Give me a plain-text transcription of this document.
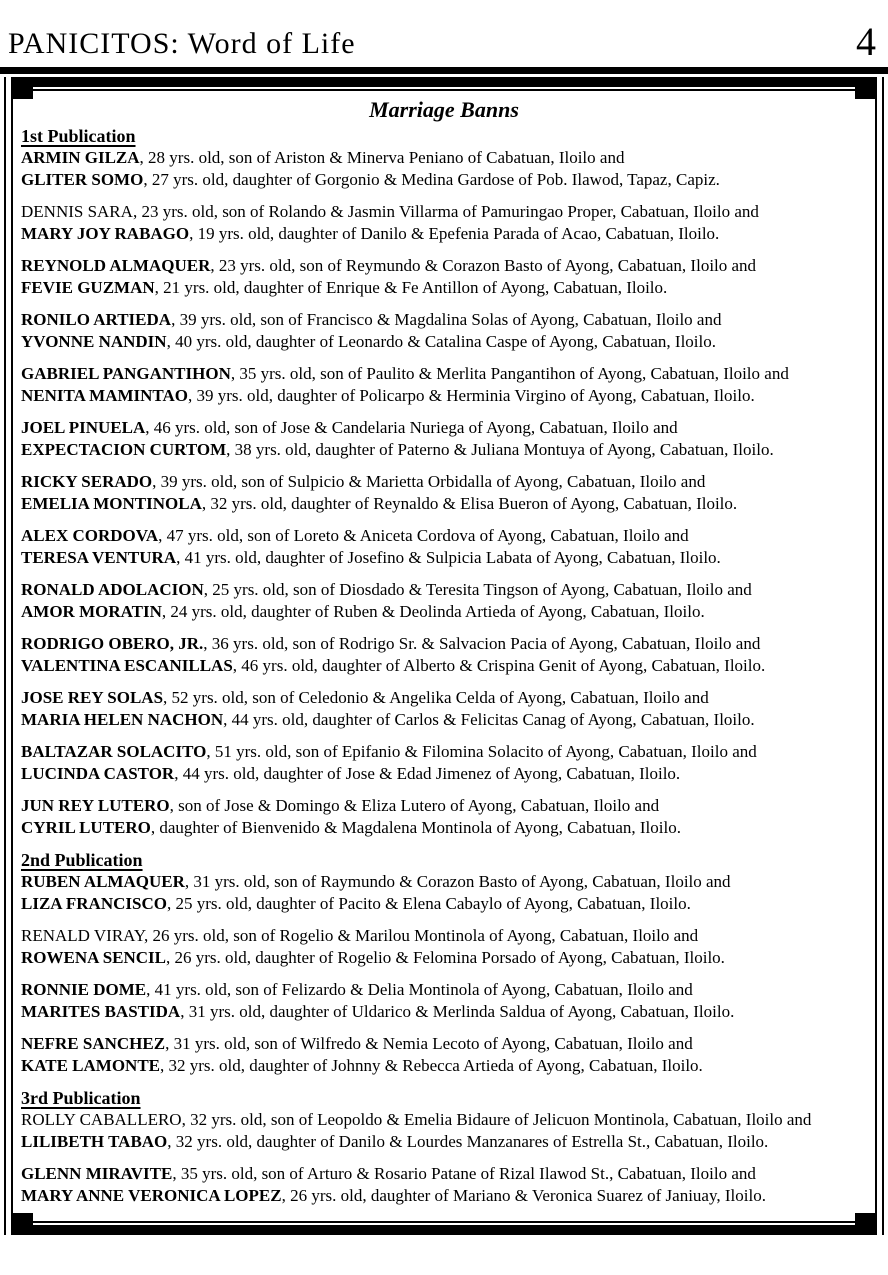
PANICITOS: Word of Life	4
Marriage Banns
1st Publication

ARMIN GILZA, 28 yrs. old, son of Ariston & Minerva Peniano of Cabatuan, Iloilo and
GLITER SOMO, 27 yrs. old, daughter of Gorgonio & Medina Gardose of Pob. Ilawod, Tapaz, Capiz.

DENNIS SARA, 23 yrs. old, son of Rolando & Jasmin Villarma of Pamuringao Proper, Cabatuan, Iloilo and
MARY JOY RABAGO, 19 yrs. old, daughter of Danilo & Epefenia Parada of Acao, Cabatuan, Iloilo.

REYNOLD ALMAQUER, 23 yrs. old, son of Reymundo & Corazon Basto of Ayong, Cabatuan, Iloilo and
FEVIE GUZMAN, 21 yrs. old, daughter of Enrique & Fe Antillon of Ayong, Cabatuan, Iloilo.

RONILO ARTIEDA, 39 yrs. old, son of Francisco & Magdalina Solas of Ayong, Cabatuan, Iloilo and
YVONNE NANDIN, 40 yrs. old, daughter of Leonardo & Catalina Caspe of Ayong, Cabatuan, Iloilo.

GABRIEL PANGANTIHON, 35 yrs. old, son of Paulito & Merlita Pangantihon of Ayong, Cabatuan, Iloilo and
NENITA MAMINTAO, 39 yrs. old, daughter of Policarpo & Herminia Virgino of Ayong, Cabatuan, Iloilo.

JOEL PINUELA, 46 yrs. old, son of Jose & Candelaria Nuriega of Ayong, Cabatuan, Iloilo and
EXPECTACION CURTOM, 38 yrs. old, daughter of Paterno & Juliana Montuya of Ayong, Cabatuan, Iloilo.

RICKY SERADO, 39 yrs. old, son of Sulpicio & Marietta Orbidalla of Ayong, Cabatuan, Iloilo and
EMELIA MONTINOLA, 32 yrs. old, daughter of Reynaldo & Elisa Bueron of Ayong, Cabatuan, Iloilo.

ALEX CORDOVA, 47 yrs. old, son of Loreto & Aniceta Cordova of Ayong, Cabatuan, Iloilo and
TERESA VENTURA, 41 yrs. old, daughter of Josefino & Sulpicia Labata of Ayong, Cabatuan, Iloilo.

RONALD ADOLACION, 25 yrs. old, son of Diosdado & Teresita Tingson of Ayong, Cabatuan, Iloilo and
AMOR MORATIN, 24 yrs. old, daughter of Ruben & Deolinda Artieda of Ayong, Cabatuan, Iloilo.

RODRIGO OBERO, JR., 36 yrs. old, son of Rodrigo Sr. & Salvacion Pacia of Ayong, Cabatuan, Iloilo and
VALENTINA ESCANILLAS, 46 yrs. old, daughter of Alberto & Crispina Genit of Ayong, Cabatuan, Iloilo.

JOSE REY SOLAS, 52 yrs. old, son of Celedonio & Angelika Celda of Ayong, Cabatuan, Iloilo and
MARIA HELEN NACHON, 44 yrs. old, daughter of Carlos & Felicitas Canag of Ayong, Cabatuan, Iloilo.

BALTAZAR SOLACITO, 51 yrs. old, son of Epifanio & Filomina Solacito of Ayong, Cabatuan, Iloilo and
LUCINDA CASTOR, 44 yrs. old, daughter of Jose & Edad Jimenez of Ayong, Cabatuan, Iloilo.

JUN REY LUTERO, son of Jose & Domingo & Eliza Lutero of Ayong, Cabatuan, Iloilo and
CYRIL LUTERO, daughter of Bienvenido & Magdalena Montinola of Ayong, Cabatuan, Iloilo.

2nd Publication

RUBEN ALMAQUER, 31 yrs. old, son of Raymundo & Corazon Basto of Ayong, Cabatuan, Iloilo and
LIZA FRANCISCO, 25 yrs. old, daughter of Pacito & Elena Cabaylo of Ayong, Cabatuan, Iloilo.

RENALD VIRAY, 26 yrs. old, son of Rogelio & Marilou Montinola of Ayong, Cabatuan, Iloilo and
ROWENA SENCIL, 26 yrs. old, daughter of Rogelio & Felomina Porsado of Ayong, Cabatuan, Iloilo.

RONNIE DOME, 41 yrs. old, son of Felizardo & Delia Montinola of Ayong, Cabatuan, Iloilo and
MARITES BASTIDA, 31 yrs. old, daughter of Uldarico & Merlinda Saldua of Ayong, Cabatuan, Iloilo.

NEFRE SANCHEZ, 31 yrs. old, son of Wilfredo & Nemia Lecoto of Ayong, Cabatuan, Iloilo and
KATE LAMONTE, 32 yrs. old, daughter of Johnny & Rebecca Artieda of Ayong, Cabatuan, Iloilo.

3rd Publication

ROLLY CABALLERO, 32 yrs. old, son of Leopoldo & Emelia Bidaure of Jelicuon Montinola, Cabatuan, Iloilo and
LILIBETH TABAO, 32 yrs. old, daughter of Danilo & Lourdes Manzanares of Estrella St., Cabatuan, Iloilo.

GLENN MIRAVITE, 35 yrs. old, son of Arturo & Rosario Patane of Rizal Ilawod St., Cabatuan, Iloilo and
MARY ANNE VERONICA LOPEZ, 26 yrs. old, daughter of Mariano & Veronica Suarez of Janiuay, Iloilo.
